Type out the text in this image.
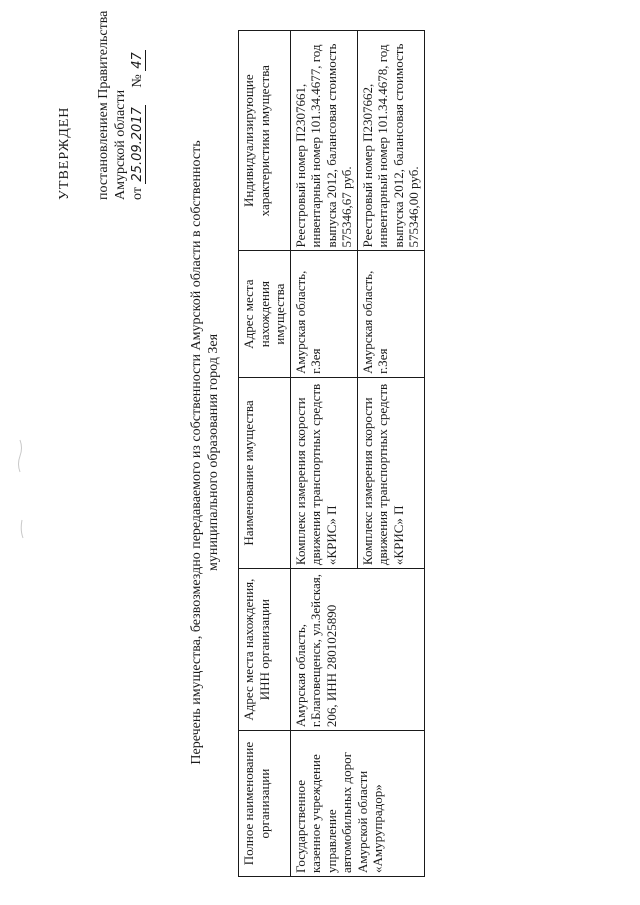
УТВЕРЖДЕН постановлением Правительства Амурской области от 25.09.2017     № 47
Перечень имущества, безвозмездно передаваемого из собственности Амурской области в собственность муниципального образования город Зея
Полное наименование организации	Адрес места нахождения, ИНН организации	Наименование имущества	Адрес места нахождения имущества	Индивидуализирующие характеристики имущества
Государственное казенное учреждение управление автомобильных дорог Амурской области «Амурупрадор»	Амурская область, г.Благовещенск, ул.Зейская, 206, ИНН 2801025890	Комплекс измерения скорости движения транспортных средств «КРИС» П	Амурская область, г.Зея	Реестровый номер П2307661, инвентарный номер 101.34.4677, год выпуска 2012, балансовая стоимость 575346,67 руб.
		Комплекс измерения скорости движения транспортных средств «КРИС» П	Амурская область, г.Зея	Реестровый номер П2307662, инвентарный номер 101.34.4678, год выпуска 2012, балансовая стоимость 575346,00 руб.
